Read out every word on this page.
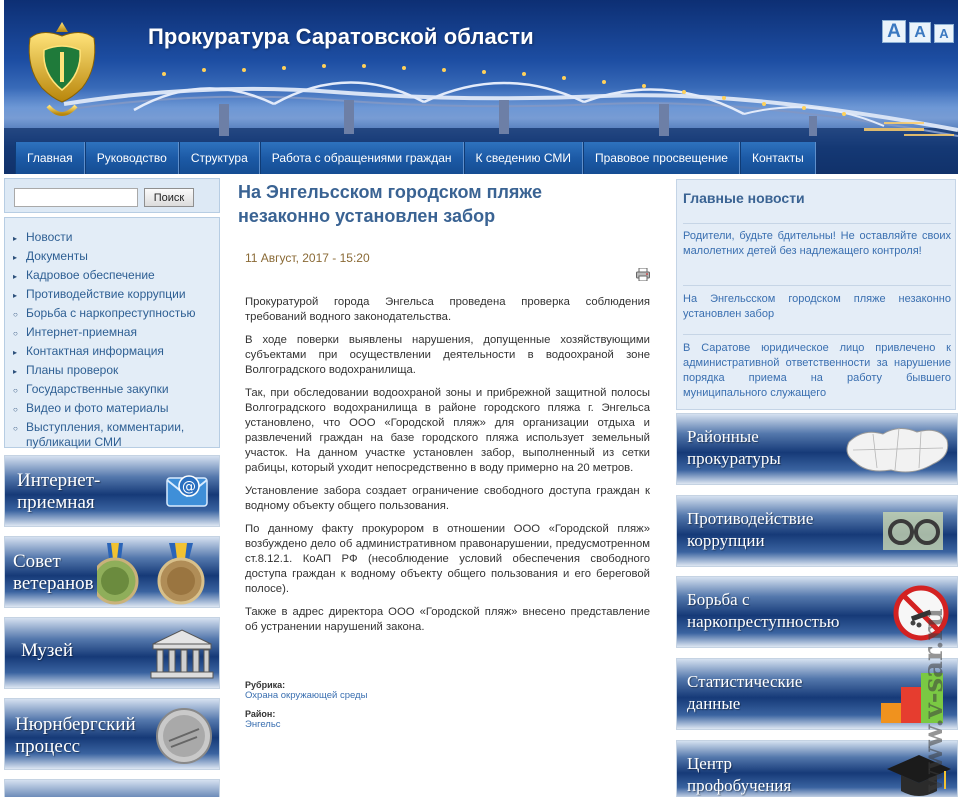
Прокуратура Саратовской области	A A	A
Главная	Руководство	Структура	Работа с обращениями граждан	К сведению СМИ	Правовое просвещение	Контакты
Поиск
▸ Новости
▸ Документы
▸ Кадровое обеспечение
▸ Противодействие коррупции
○ Борьба с наркопреступностью
○ Интернет-приемная
▸ Контактная информация
▸ Планы проверок
○ Государственные закупки
○ Видео и фото материалы
○ Выступления, комментарии, публикации СМИ
Интернет-
приемная
@
Совет
ветеранов
Музей
Нюрнбергский
процесс
На Энгельсском городском пляже незаконно установлен забор
11 Август, 2017 - 15:20

Прокуратурой города Энгельса проведена проверка соблюдения требований водного законодательства.

В ходе поверки выявлены нарушения, допущенные хозяйствующими субъектами при осуществлении деятельности в водоохраной зоне Волгоградского водохранилища.

Так, при обследовании водоохраной зоны и прибрежной защитной полосы Волгоградского водохранилища в районе городского пляжа г. Энгельса установлено, что ООО «Городской пляж» для организации отдыха и развлечений граждан на базе городского пляжа использует земельный участок. На данном участке установлен забор, выполненный из сетки рабицы, который уходит непосредственно в воду примерно на 20 метров.

Установление забора создает ограничение свободного доступа граждан к водному объекту общего пользования.

По данному факту прокурором в отношении ООО «Городской пляж» возбуждено дело об административном правонарушении, предусмотренном ст.8.12.1. КоАП РФ (несоблюдение условий обеспечения свободного доступа граждан к водному объекту общего пользования и его береговой полосе).

Также в адрес директора ООО «Городской пляж» внесено представление об устранении нарушений закона.

Рубрика:
Охрана окружающей среды
Район:
Энгельс
Главные новости
Родители, будьте бдительны! Не оставляйте своих малолетних детей без надлежащего контроля!
На Энгельсском городском пляже незаконно установлен забор
В Саратове юридическое лицо привлечено к административной ответственности за нарушение порядка приема на работу бывшего муниципального служащего
Районные
прокуратуры
Противодействие
коррупции
Борьба с
наркопреступностью
Статистические
данные
Центр
профобучения	www.v-sar.ru
